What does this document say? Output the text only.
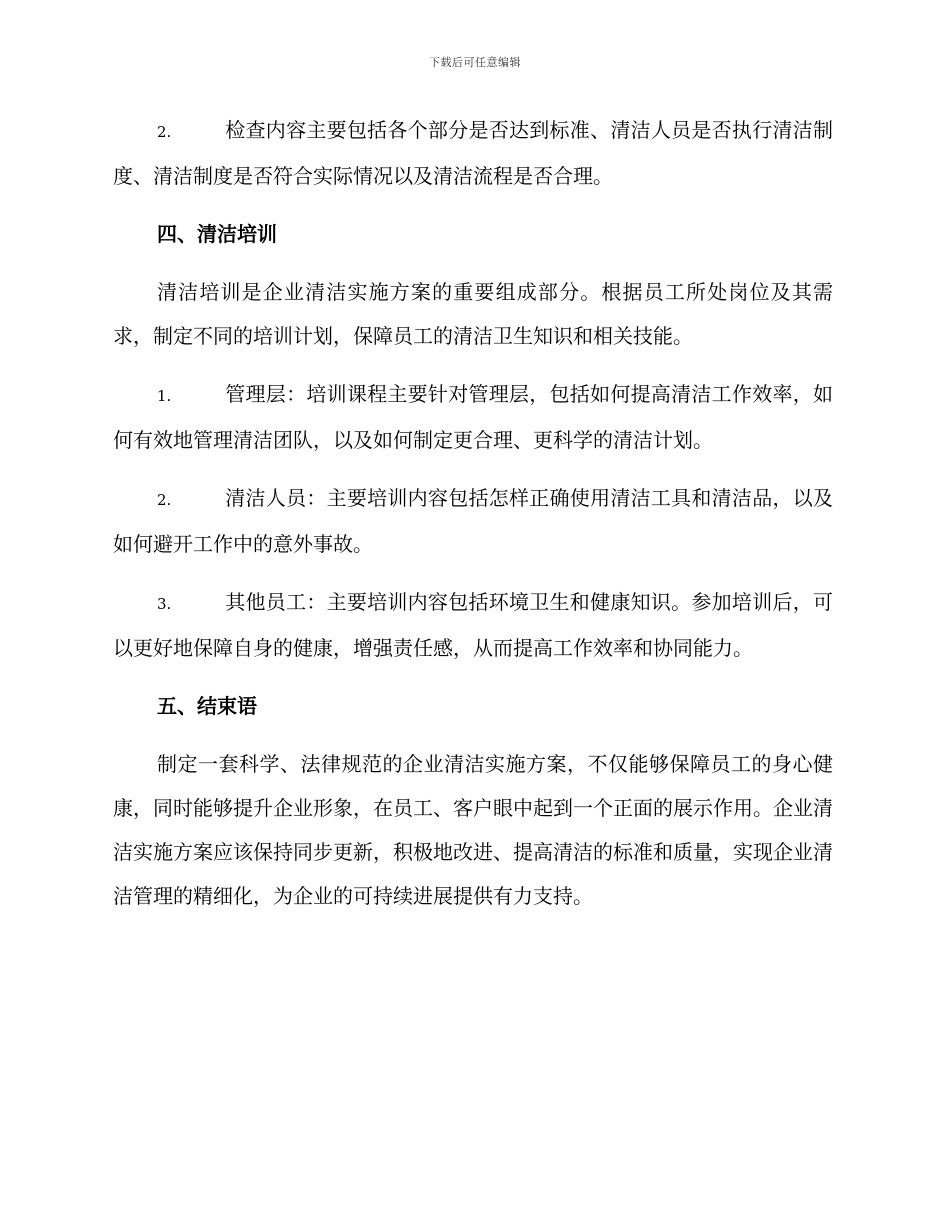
下载后可任意编辑
2.	检查内容主要包括各个部分是否达到标准、清洁人员是否执行清洁制度、清洁制度是否符合实际情况以及清洁流程是否合理。
四、清洁培训
清洁培训是企业清洁实施方案的重要组成部分。根据员工所处岗位及其需求，制定不同的培训计划，保障员工的清洁卫生知识和相关技能。
1.	管理层：培训课程主要针对管理层，包括如何提高清洁工作效率，如何有效地管理清洁团队，以及如何制定更合理、更科学的清洁计划。
2.	清洁人员：主要培训内容包括怎样正确使用清洁工具和清洁品，以及如何避开工作中的意外事故。
3.	其他员工：主要培训内容包括环境卫生和健康知识。参加培训后，可以更好地保障自身的健康，增强责任感，从而提高工作效率和协同能力。
五、结束语
制定一套科学、法律规范的企业清洁实施方案，不仅能够保障员工的身心健康，同时能够提升企业形象，在员工、客户眼中起到一个正面的展示作用。企业清洁实施方案应该保持同步更新，积极地改进、提高清洁的标准和质量，实现企业清洁管理的精细化，为企业的可持续进展提供有力支持。
